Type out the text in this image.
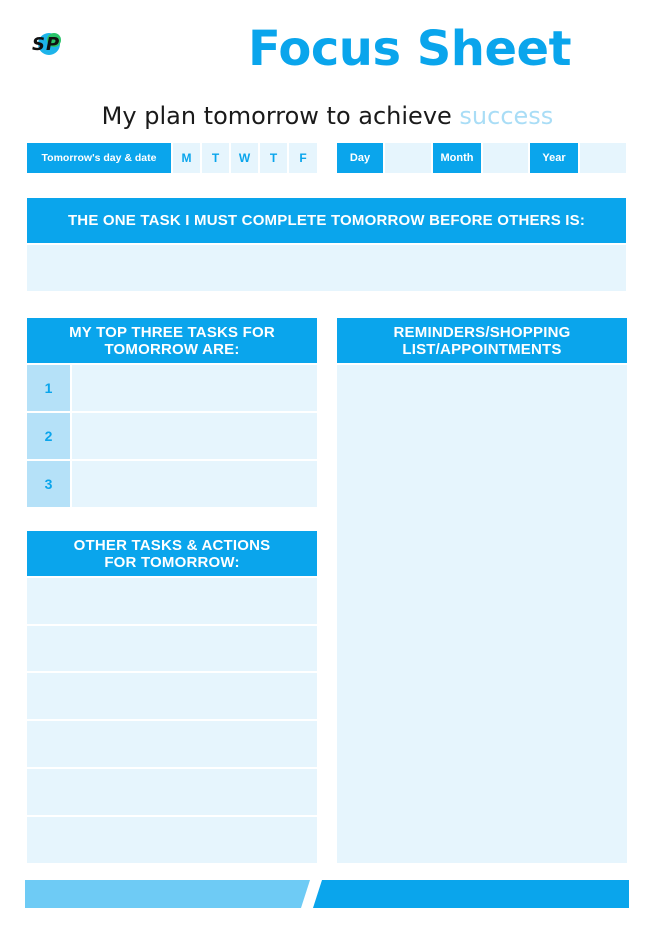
S P	Focus Sheet
My plan tomorrow to achieve success
Tomorrow's day & date	M	T	W	T	F	Day	Month	Year
THE ONE TASK I MUST COMPLETE TOMORROW BEFORE OTHERS IS:
MY TOP THREE TASKS FOR TOMORROW ARE:
1
2
3
REMINDERS/SHOPPING LIST/APPOINTMENTS
OTHER TASKS & ACTIONS FOR TOMORROW:
